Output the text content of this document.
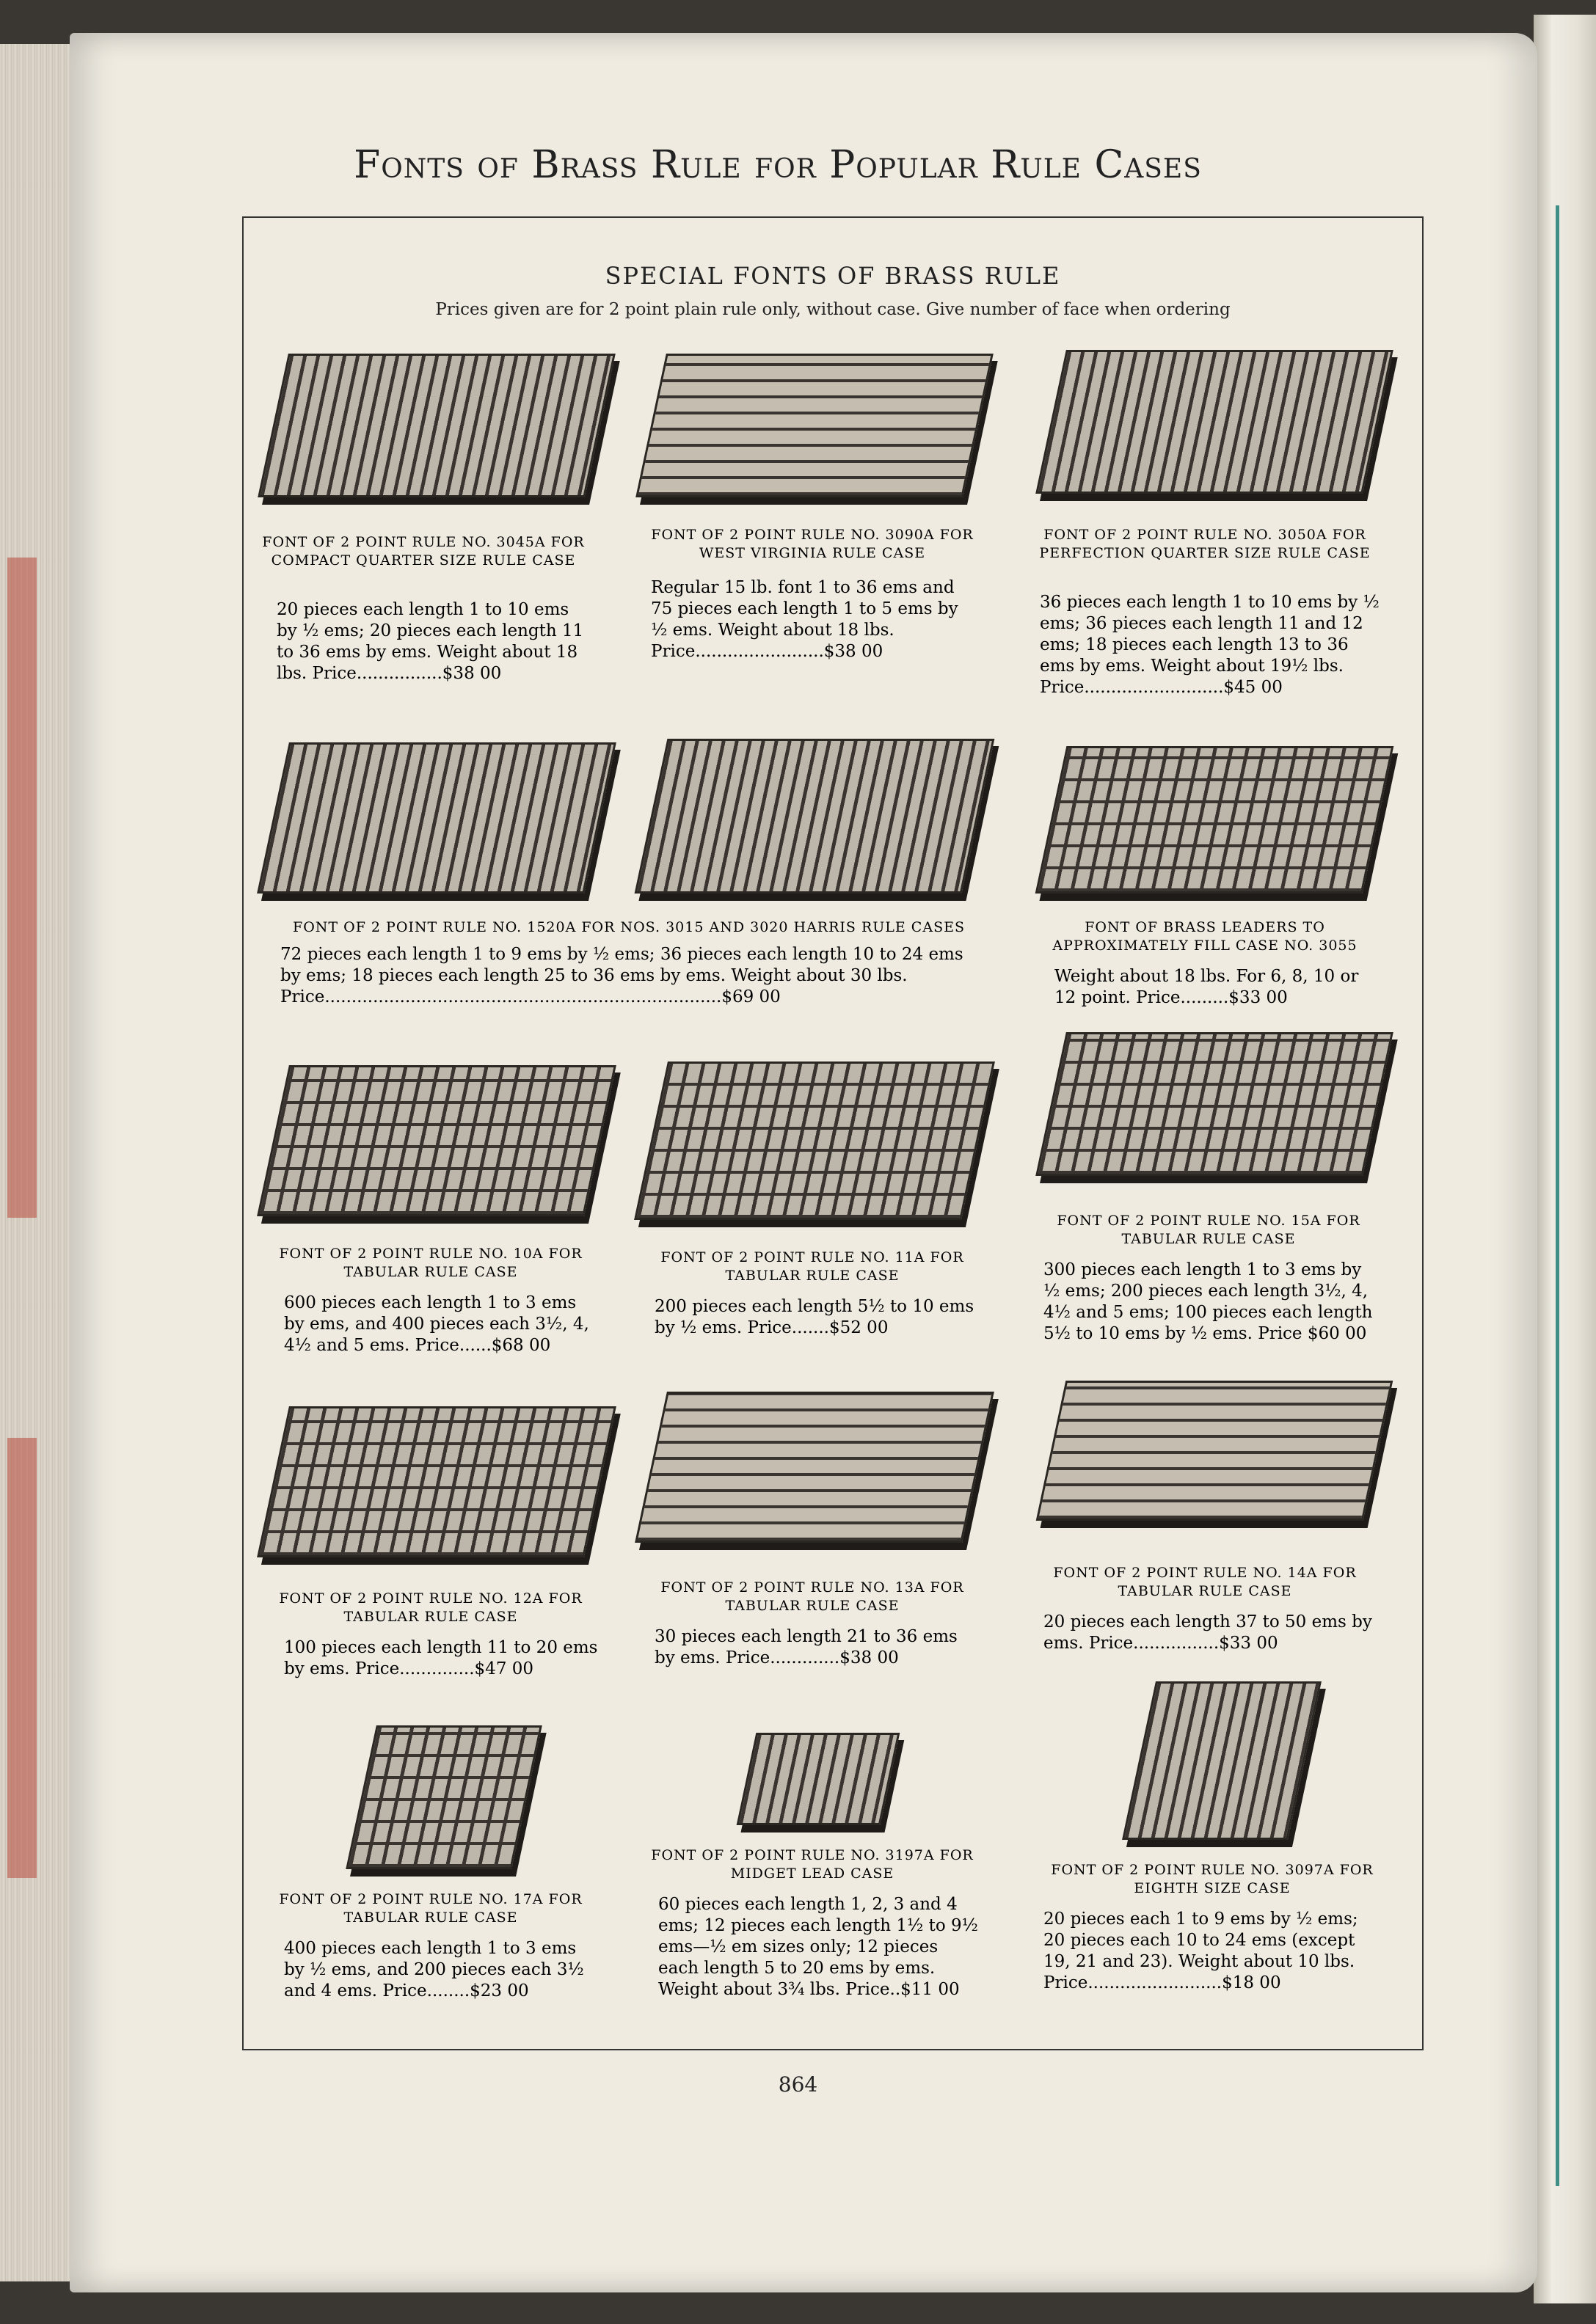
Fonts of Brass Rule for Popular Rule Cases
SPECIAL FONTS OF BRASS RULE
Prices given are for 2 point plain rule only, without case. Give number of face when ordering
FONT OF 2 POINT RULE NO. 3045A FOR COMPACT QUARTER SIZE RULE CASE
20 pieces each length 1 to 10 ems by ½ ems; 20 pieces each length 11 to 36 ems by ems. Weight about 18 lbs. Price................$38 00
FONT OF 2 POINT RULE NO. 3090A FOR WEST VIRGINIA RULE CASE
Regular 15 lb. font 1 to 36 ems and 75 pieces each length 1 to 5 ems by ½ ems. Weight about 18 lbs. Price........................$38 00
FONT OF 2 POINT RULE NO. 3050A FOR PERFECTION QUARTER SIZE RULE CASE
36 pieces each length 1 to 10 ems by ½ ems; 36 pieces each length 11 and 12 ems; 18 pieces each length 13 to 36 ems by ems. Weight about 19½ lbs. Price..........................$45 00
FONT OF 2 POINT RULE NO. 1520A FOR NOS. 3015 AND 3020 HARRIS RULE CASES
72 pieces each length 1 to 9 ems by ½ ems; 36 pieces each length 10 to 24 ems by ems; 18 pieces each length 25 to 36 ems by ems. Weight about 30 lbs. Price..........................................................................$69 00
FONT OF BRASS LEADERS TO APPROXIMATELY FILL CASE NO. 3055
Weight about 18 lbs. For 6, 8, 10 or 12 point. Price.........$33 00
FONT OF 2 POINT RULE NO. 10A FOR TABULAR RULE CASE
600 pieces each length 1 to 3 ems by ems, and 400 pieces each 3½, 4, 4½ and 5 ems. Price......$68 00
FONT OF 2 POINT RULE NO. 11A FOR TABULAR RULE CASE
200 pieces each length 5½ to 10 ems by ½ ems. Price.......$52 00
FONT OF 2 POINT RULE NO. 15A FOR TABULAR RULE CASE
300 pieces each length 1 to 3 ems by ½ ems; 200 pieces each length 3½, 4, 4½ and 5 ems; 100 pieces each length 5½ to 10 ems by ½ ems. Price $60 00
FONT OF 2 POINT RULE NO. 12A FOR TABULAR RULE CASE
100 pieces each length 11 to 20 ems by ems. Price..............$47 00
FONT OF 2 POINT RULE NO. 13A FOR TABULAR RULE CASE
30 pieces each length 21 to 36 ems by ems. Price.............$38 00
FONT OF 2 POINT RULE NO. 14A FOR TABULAR RULE CASE
20 pieces each length 37 to 50 ems by ems. Price................$33 00
FONT OF 2 POINT RULE NO. 17A FOR TABULAR RULE CASE
400 pieces each length 1 to 3 ems by ½ ems, and 200 pieces each 3½ and 4 ems. Price........$23 00
FONT OF 2 POINT RULE NO. 3197A FOR MIDGET LEAD CASE
60 pieces each length 1, 2, 3 and 4 ems; 12 pieces each length 1½ to 9½ ems—½ em sizes only; 12 pieces each length 5 to 20 ems by ems. Weight about 3¾ lbs. Price..$11 00
FONT OF 2 POINT RULE NO. 3097A FOR EIGHTH SIZE CASE
20 pieces each 1 to 9 ems by ½ ems; 20 pieces each 10 to 24 ems (except 19, 21 and 23). Weight about 10 lbs. Price.........................$18 00
864
